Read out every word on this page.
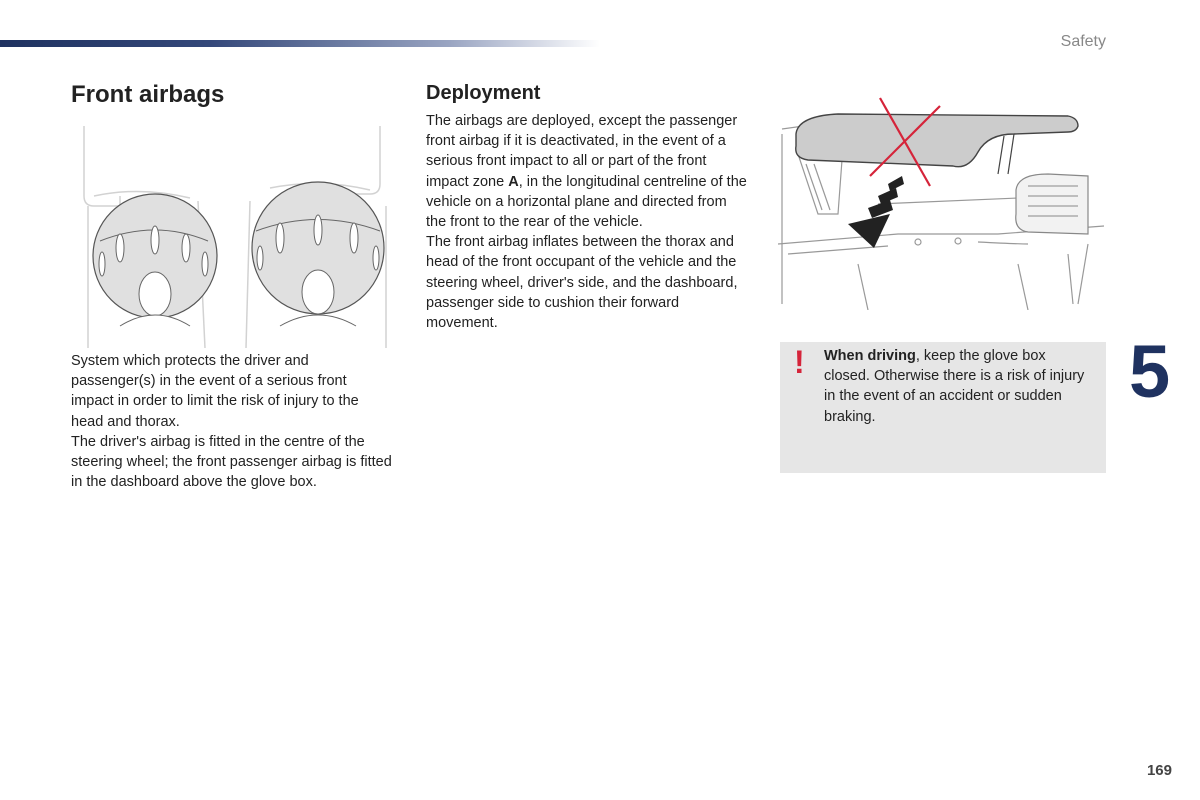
Safety
Front airbags

System which protects the driver and passenger(s) in the event of a serious front impact in order to limit the risk of injury to the head and thorax.

The driver's airbag is fitted in the centre of the steering wheel; the front passenger airbag is fitted in the dashboard above the glove box.

Deployment

The airbags are deployed, except the passenger front airbag if it is deactivated, in the event of a serious front impact to all or part of the front impact zone A, in the longitudinal centreline of the vehicle on a horizontal plane and directed from the front to the rear of the vehicle.

The front airbag inflates between the thorax and head of the front occupant of the vehicle and the steering wheel, driver's side, and the dashboard, passenger side to cushion their forward movement.

! When driving, keep the glove box closed. Otherwise there is a risk of injury in the event of an accident or sudden braking.
5
169
